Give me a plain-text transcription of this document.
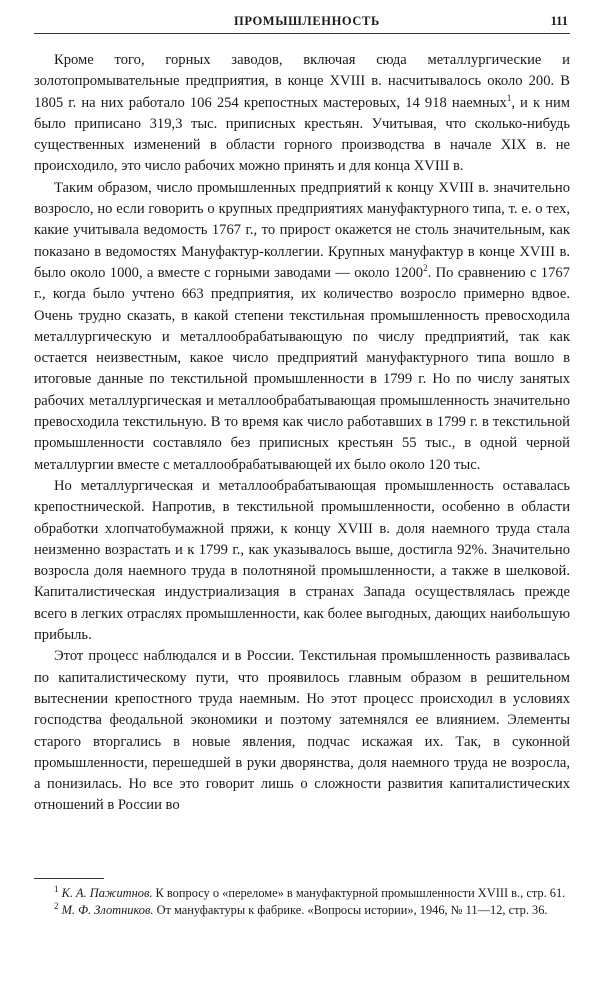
ПРОМЫШЛЕННОСТЬ	111

Кроме того, горных заводов, включая сюда металлургические и золотопромывательные предприятия, в конце XVIII в. насчитывалось около 200. В 1805 г. на них работало 106 254 крепостных мастеровых, 14 918 наемных$^1$, и к ним было приписано 319,3 тыс. приписных крестьян. Учитывая, что сколько-нибудь существенных изменений в области горного производства в начале XIX в. не происходило, это число рабочих можно принять и для конца XVIII в.

Таким образом, число промышленных предприятий к концу XVIII в. значительно возросло, но если говорить о крупных предприятиях мануфактурного типа, т. е. о тех, какие учитывала ведомость 1767 г., то прирост окажется не столь значительным, как показано в ведомостях Мануфактур-коллегии. Крупных мануфактур в конце XVIII в. было около 1000, а вместе с горными заводами — около 1200$^2$. По сравнению с 1767 г., когда было учтено 663 предприятия, их количество возросло примерно вдвое. Очень трудно сказать, в какой степени текстильная промышленность превосходила металлургическую и металлообрабатывающую по числу предприятий, так как остается неизвестным, какое число предприятий мануфактурного типа вошло в итоговые данные по текстильной промышленности в 1799 г. Но по числу занятых рабочих металлургическая и металлообрабатывающая промышленность значительно превосходила текстильную. В то время как число работавших в 1799 г. в текстильной промышленности составляло без приписных крестьян 55 тыс., в одной черной металлургии вместе с металлообрабатывающей их было около 120 тыс.

Но металлургическая и металлообрабатывающая промышленность оставалась крепостнической. Напротив, в текстильной промышленности, особенно в области обработки хлопчатобумажной пряжи, к концу XVIII в. доля наемного труда стала неизменно возрастать и к 1799 г., как указывалось выше, достигла 92%. Значительно возросла доля наемного труда в полотняной промышленности, а также в шелковой. Капиталистическая индустриализация в странах Запада осуществлялась прежде всего в легких отраслях промышленности, как более выгодных, дающих наибольшую прибыль.

Этот процесс наблюдался и в России. Текстильная промышленность развивалась по капиталистическому пути, что проявилось главным образом в решительном вытеснении крепостного труда наемным. Но этот процесс происходил в условиях господства феодальной экономики и поэтому затемнялся ее влиянием. Элементы старого вторгались в новые явления, подчас искажая их. Так, в суконной промышленности, перешедшей в руки дворянства, доля наемного труда не возросла, а понизилась. Но все это говорит лишь о сложности развития капиталистических отношений в России во

$^1$ К. А. Пажитнов. К вопросу о «переломе» в мануфактурной промышленности XVIII в., стр. 61.

$^2$ М. Ф. Злотников. От мануфактуры к фабрике. «Вопросы истории», 1946, № 11—12, стр. 36.
